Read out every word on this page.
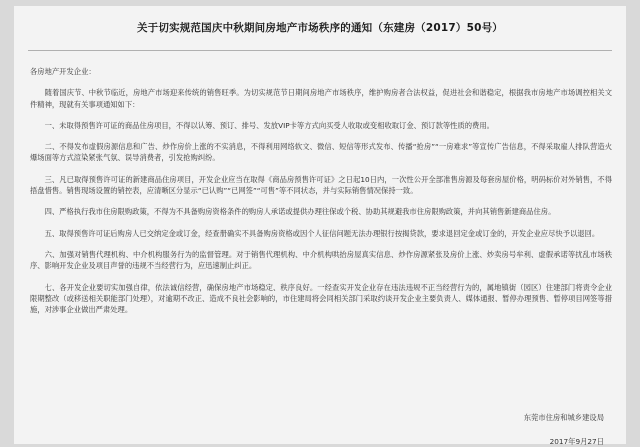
关于切实规范国庆中秋期间房地产市场秩序的通知（东建房（2017）50号）

各房地产开发企业：

随着国庆节、中秋节临近，房地产市场迎来传统的销售旺季。为切实规范节日期间房地产市场秩序，维护购房者合法权益，促进社会和谐稳定，根据我市房地产市场调控相关文件精神，现就有关事项通知如下：

一、未取得预售许可证的商品住房项目，不得以认筹、预订、排号、发放VIP卡等方式向买受人收取或变相收取订金、预订款等性质的费用。

二、不得发布虚假房源信息和广告、炒作房价上涨的不实消息，不得利用网络软文、微信、短信等形式发布、传播“抢房”“一房难求”等宣传广告信息，不得采取雇人排队营造火爆场面等方式渲染紧张气氛、误导消费者，引发抢购纠纷。

三、凡已取得预售许可证的新建商品住房项目，开发企业应当在取得《商品房预售许可证》之日起10日内，一次性公开全部准售房源及每套房屋价格，明码标价对外销售，不得捂盘惜售。销售现场设置的销控表，应清晰区分显示“已认购”“已网签”“可售”等不同状态，并与实际销售情况保持一致。

四、严格执行我市住房限购政策，不得为不具备购房资格条件的购房人承诺或提供办理往保或个税、协助其规避我市住房限购政策，并向其销售新建商品住房。

五、取得预售许可证后购房人已交纳定金或订金，经查册确实不具备购房资格或因个人征信问题无法办理银行按揭贷款，要求退回定金或订金的，开发企业应尽快予以退回。

六、加强对销售代理机构、中介机构服务行为的监督管理。对于销售代理机构、中介机构哄抬房屋真实信息、炒作房源紧张及房价上涨、炒卖房号牟利、虚假承诺等扰乱市场秩序、影响开发企业及项目声誉的违规不当经营行为，应迅速制止纠正。

七、各开发企业要切实加强自律，依法诚信经营，确保房地产市场稳定、秩序良好。一经查实开发企业存在违法违规不正当经营行为的，属地镇街（园区）住建部门将责令企业限期整改（或移送相关职能部门处理），对逾期不改正、造成不良社会影响的，市住建局将会同相关部门采取约谈开发企业主要负责人、媒体通报、暂停办理预售、暂停项目网签等措施，对涉事企业做出严肃处理。

东莞市住房和城乡建设局
2017年9月27日
